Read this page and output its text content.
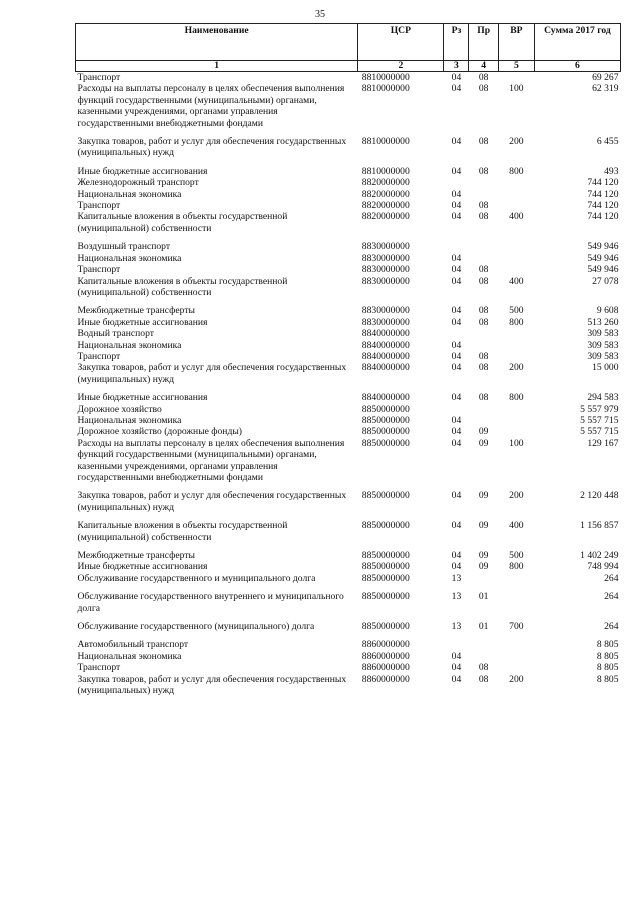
35
Наименование	ЦСР	Рз	Пр	ВР	Сумма 2017 год
1	2	3	4	5	6
Транспорт	8810000000	04	08		69 267
Расходы на выплаты персоналу в целях обеспечения выполнения функций государственными (муниципальными) органами, казенными учреждениями, органами управления государственными внебюджетными фондами	8810000000	04	08	100	62 319
Закупка товаров, работ и услуг для обеспечения государственных (муниципальных) нужд	8810000000	04	08	200	6 455
Иные бюджетные ассигнования	8810000000	04	08	800	493
Железнодорожный транспорт	8820000000				744 120
Национальная экономика	8820000000	04			744 120
Транспорт	8820000000	04	08		744 120
Капитальные вложения в объекты государственной (муниципальной) собственности	8820000000	04	08	400	744 120
Воздушный транспорт	8830000000				549 946
Национальная экономика	8830000000	04			549 946
Транспорт	8830000000	04	08		549 946
Капитальные вложения в объекты государственной (муниципальной) собственности	8830000000	04	08	400	27 078
Межбюджетные трансферты	8830000000	04	08	500	9 608
Иные бюджетные ассигнования	8830000000	04	08	800	513 260
Водный транспорт	8840000000				309 583
Национальная экономика	8840000000	04			309 583
Транспорт	8840000000	04	08		309 583
Закупка товаров, работ и услуг для обеспечения государственных (муниципальных) нужд	8840000000	04	08	200	15 000
Иные бюджетные ассигнования	8840000000	04	08	800	294 583
Дорожное хозяйство	8850000000				5 557 979
Национальная экономика	8850000000	04			5 557 715
Дорожное хозяйство (дорожные фонды)	8850000000	04	09		5 557 715
Расходы на выплаты персоналу в целях обеспечения выполнения функций государственными (муниципальными) органами, казенными учреждениями, органами управления государственными внебюджетными фондами	8850000000	04	09	100	129 167
Закупка товаров, работ и услуг для обеспечения государственных (муниципальных) нужд	8850000000	04	09	200	2 120 448
Капитальные вложения в объекты государственной (муниципальной) собственности	8850000000	04	09	400	1 156 857
Межбюджетные трансферты	8850000000	04	09	500	1 402 249
Иные бюджетные ассигнования	8850000000	04	09	800	748 994
Обслуживание государственного и муниципального долга	8850000000	13			264
Обслуживание государственного внутреннего и муниципального долга	8850000000	13	01		264
Обслуживание государственного (муниципального) долга	8850000000	13	01	700	264
Автомобильный транспорт	8860000000				8 805
Национальная экономика	8860000000	04			8 805
Транспорт	8860000000	04	08		8 805
Закупка товаров, работ и услуг для обеспечения государственных (муниципальных) нужд	8860000000	04	08	200	8 805
